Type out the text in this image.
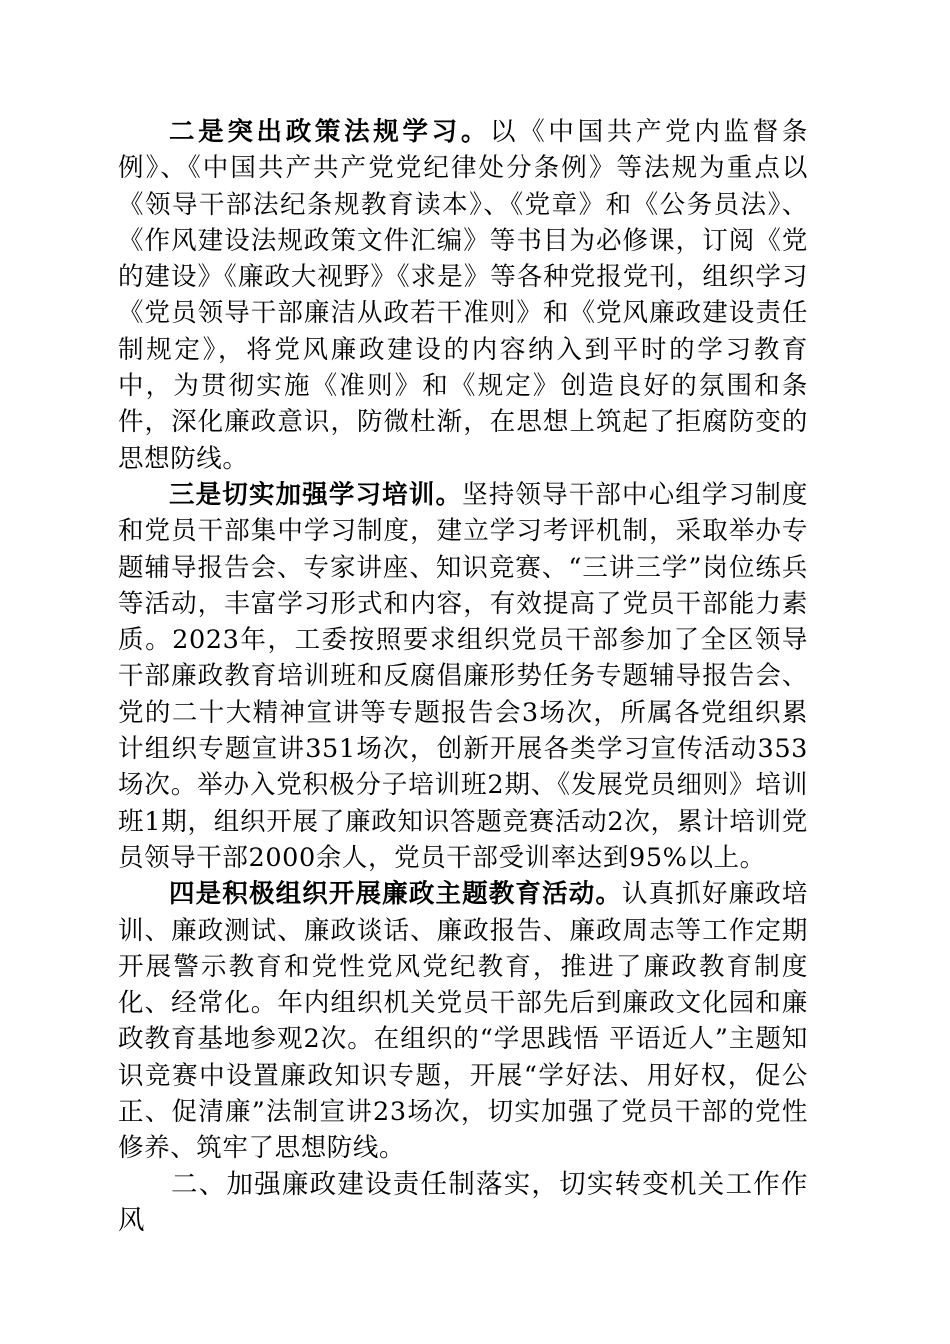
二是突出政策法规学习。以《中国共产党内监督条例》、《中国共产共产党党纪律处分条例》等法规为重点以《领导干部法纪条规教育读本》、《党章》和《公务员法》、《作风建设法规政策文件汇编》等书目为必修课，订阅《党的建设》《廉政大视野》《求是》等各种党报党刊，组织学习《党员领导干部廉洁从政若干准则》和《党风廉政建设责任制规定》，将党风廉政建设的内容纳入到平时的学习教育中，为贯彻实施《准则》和《规定》创造良好的氛围和条件，深化廉政意识，防微杜渐，在思想上筑起了拒腐防变的思想防线。

三是切实加强学习培训。坚持领导干部中心组学习制度和党员干部集中学习制度，建立学习考评机制，采取举办专题辅导报告会、专家讲座、知识竞赛、“三讲三学”岗位练兵等活动，丰富学习形式和内容，有效提高了党员干部能力素质。2023年，工委按照要求组织党员干部参加了全区领导干部廉政教育培训班和反腐倡廉形势任务专题辅导报告会、党的二十大精神宣讲等专题报告会3场次，所属各党组织累计组织专题宣讲351场次，创新开展各类学习宣传活动353场次。举办入党积极分子培训班2期、《发展党员细则》培训班1期，组织开展了廉政知识答题竞赛活动2次，累计培训党员领导干部2000余人，党员干部受训率达到95%以上。

四是积极组织开展廉政主题教育活动。认真抓好廉政培训、廉政测试、廉政谈话、廉政报告、廉政周志等工作定期开展警示教育和党性党风党纪教育，推进了廉政教育制度化、经常化。年内组织机关党员干部先后到廉政文化园和廉政教育基地参观2次。在组织的“学思践悟 平语近人”主题知识竞赛中设置廉政知识专题，开展“学好法、用好权，促公正、促清廉”法制宣讲23场次，切实加强了党员干部的党性修养、筑牢了思想防线。

二、加强廉政建设责任制落实，切实转变机关工作作风
